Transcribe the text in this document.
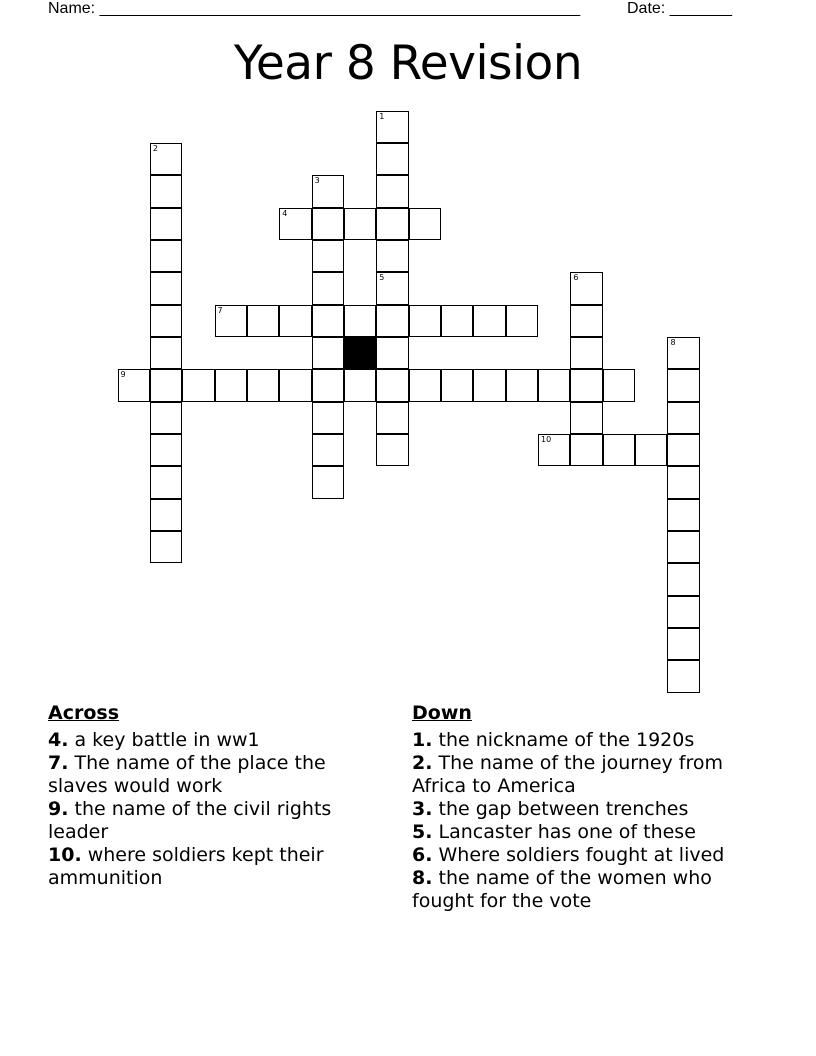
Name: ______________________________________________________	Date: _______
Year 8 Revision
1
5
2
3
4
6
7
8
9
10
Across
4. a key battle in ww1
7. The name of the place the slaves would work
9. the name of the civil rights leader
10. where soldiers kept their ammunition
Down
1. the nickname of the 1920s
2. The name of the journey from Africa to America
3. the gap between trenches
5. Lancaster has one of these
6. Where soldiers fought at lived
8. the name of the women who fought for the vote
